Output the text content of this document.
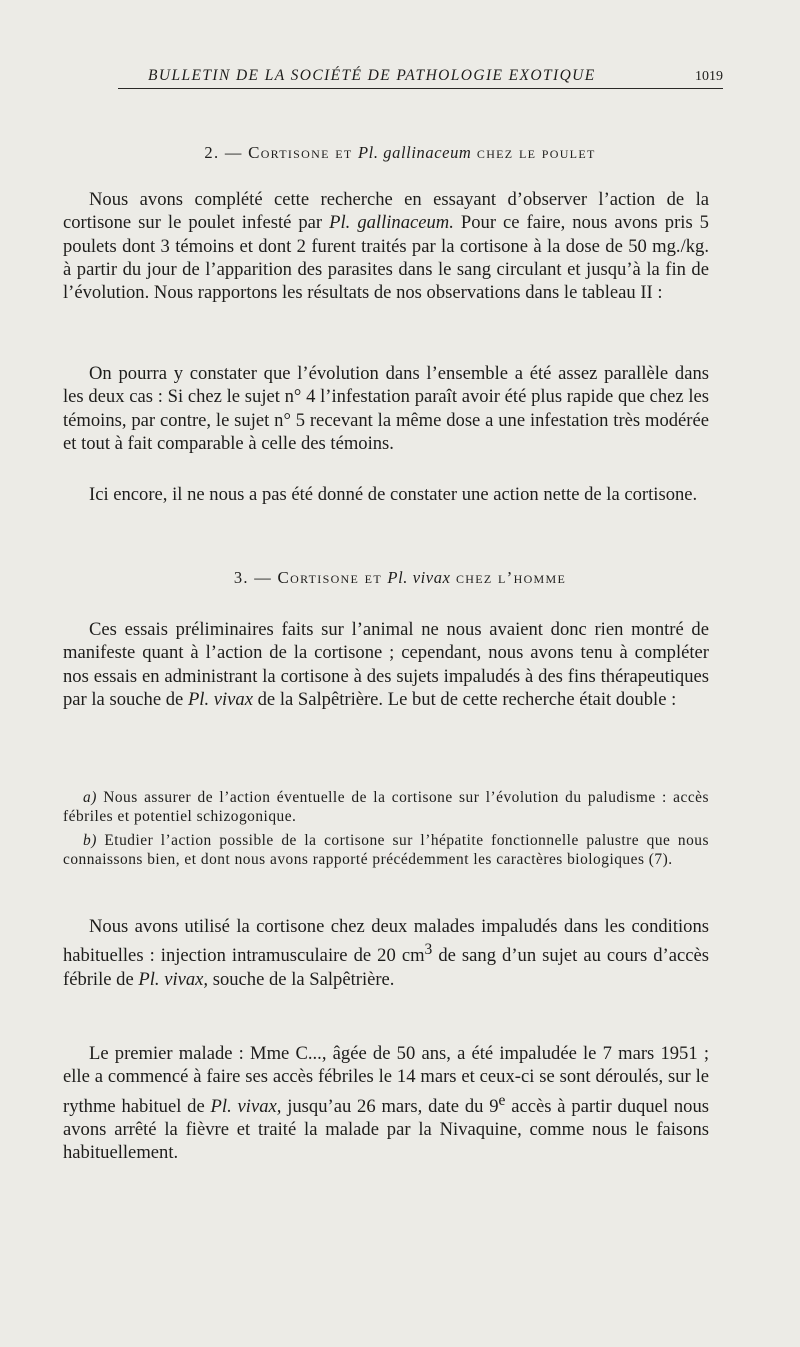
BULLETIN DE LA SOCIÉTÉ DE PATHOLOGIE EXOTIQUE	1019
2. — Cortisone et Pl. gallinaceum chez le poulet

Nous avons complété cette recherche en essayant d’observer l’action de la cortisone sur le poulet infesté par Pl. gallinaceum. Pour ce faire, nous avons pris 5 poulets dont 3 témoins et dont 2 furent traités par la cortisone à la dose de 50 mg./kg. à partir du jour de l’apparition des parasites dans le sang circulant et jusqu’à la fin de l’évolution. Nous rapportons les résultats de nos observations dans le tableau II :

On pourra y constater que l’évolution dans l’ensemble a été assez parallèle dans les deux cas : Si chez le sujet n° 4 l’infestation paraît avoir été plus rapide que chez les témoins, par contre, le sujet n° 5 recevant la même dose a une infestation très modérée et tout à fait comparable à celle des témoins.

Ici encore, il ne nous a pas été donné de constater une action nette de la cortisone.

3. — Cortisone et Pl. vivax chez l’homme

Ces essais préliminaires faits sur l’animal ne nous avaient donc rien montré de manifeste quant à l’action de la cortisone ; cependant, nous avons tenu à compléter nos essais en administrant la cortisone à des sujets impaludés à des fins thérapeutiques par la souche de Pl. vivax de la Salpêtrière. Le but de cette recherche était double :

a) Nous assurer de l’action éventuelle de la cortisone sur l’évolution du paludisme : accès fébriles et potentiel schizogonique.

b) Etudier l’action possible de la cortisone sur l’hépatite fonctionnelle palustre que nous connaissons bien, et dont nous avons rapporté précédemment les caractères biologiques (7).

Nous avons utilisé la cortisone chez deux malades impaludés dans les conditions habituelles : injection intramusculaire de 20 $cm^3$ de sang d’un sujet au cours d’accès fébrile de Pl. vivax, souche de la Salpêtrière.

Le premier malade : Mme C..., âgée de 50 ans, a été impaludée le 7 mars 1951 ; elle a commencé à faire ses accès fébriles le 14 mars et ceux-ci se sont déroulés, sur le rythme habituel de Pl. vivax, jusqu’au 26 mars, date du 9e accès à partir duquel nous avons arrêté la fièvre et traité la malade par la Nivaquine, comme nous le faisons habituellement.
